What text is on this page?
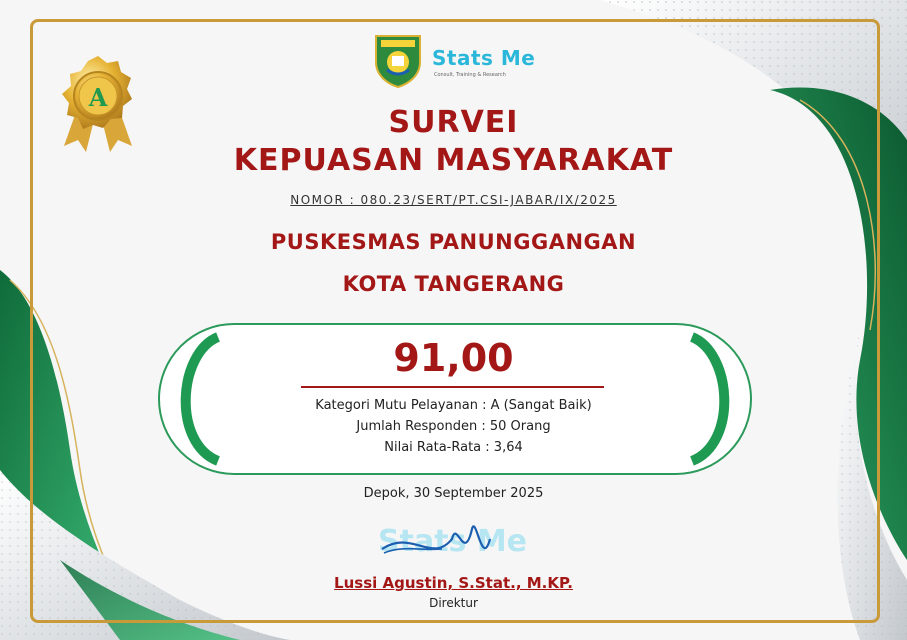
A
Stats Me
Consult, Training & Research
SURVEI
KEPUASAN MASYARAKAT
NOMOR : 080.23/SERT/PT.CSI-JABAR/IX/2025
PUSKESMAS PANUNGGANGAN
KOTA TANGERANG
91,00
Kategori Mutu Pelayanan : A (Sangat Baik)
Jumlah Responden : 50 Orang
Nilai Rata-Rata : 3,64
Depok, 30 September 2025
Stats Me
Lussi Agustin, S.Stat., M.KP.
Direktur
